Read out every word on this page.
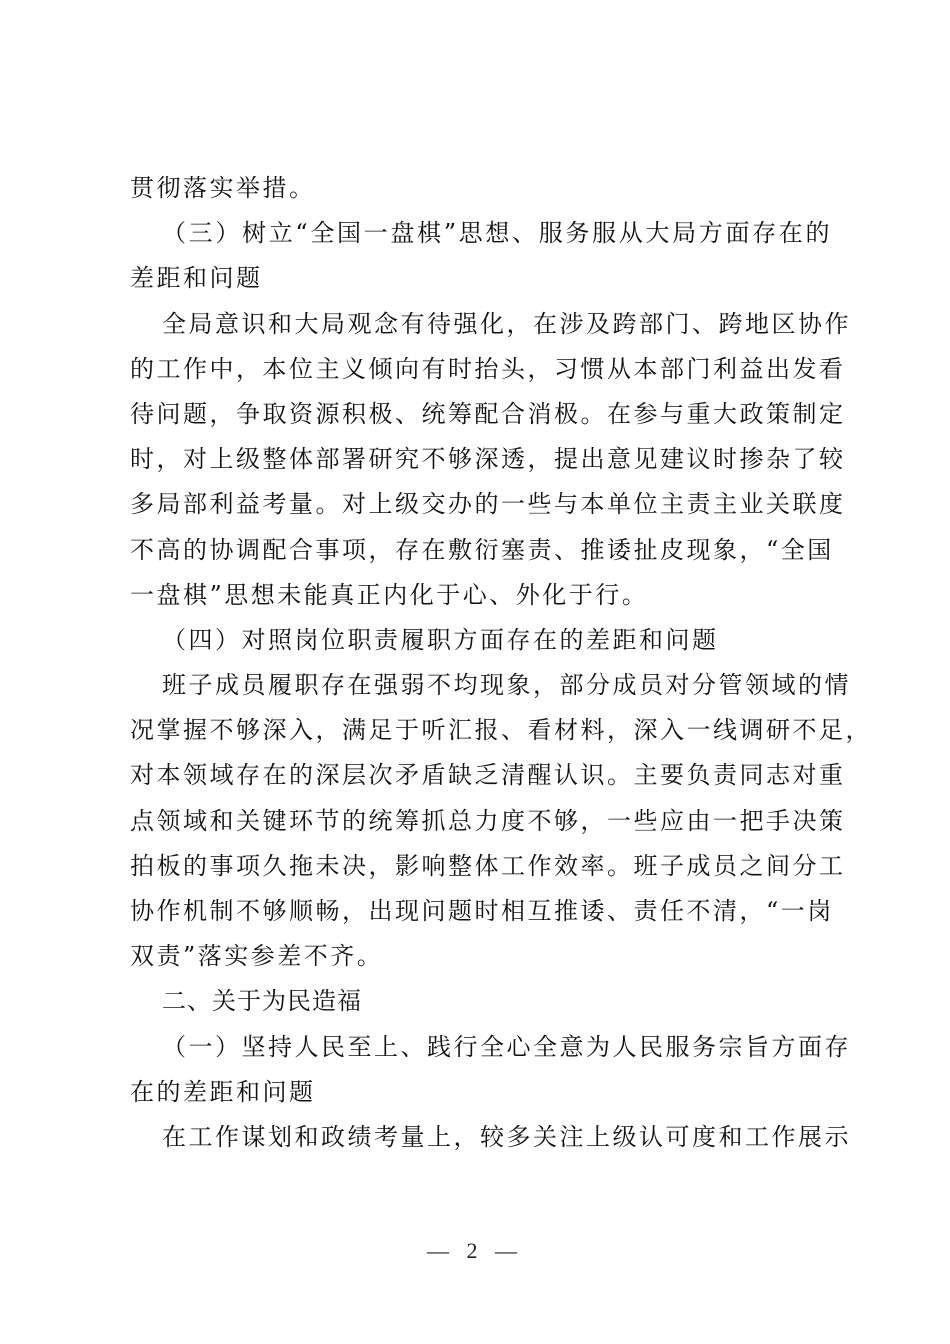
贯彻落实举措。
（三）树立“全国一盘棋”思想、服务服从大局方面存在的
差距和问题
全局意识和大局观念有待强化，在涉及跨部门、跨地区协作
的工作中，本位主义倾向有时抬头，习惯从本部门利益出发看
待问题，争取资源积极、统筹配合消极。在参与重大政策制定
时，对上级整体部署研究不够深透，提出意见建议时掺杂了较
多局部利益考量。对上级交办的一些与本单位主责主业关联度
不高的协调配合事项，存在敷衍塞责、推诿扯皮现象，“全国
一盘棋”思想未能真正内化于心、外化于行。
（四）对照岗位职责履职方面存在的差距和问题
班子成员履职存在强弱不均现象，部分成员对分管领域的情
况掌握不够深入，满足于听汇报、看材料，深入一线调研不足，
对本领域存在的深层次矛盾缺乏清醒认识。主要负责同志对重
点领域和关键环节的统筹抓总力度不够，一些应由一把手决策
拍板的事项久拖未决，影响整体工作效率。班子成员之间分工
协作机制不够顺畅，出现问题时相互推诿、责任不清，“一岗
双责”落实参差不齐。
二、关于为民造福
（一）坚持人民至上、践行全心全意为人民服务宗旨方面存
在的差距和问题
在工作谋划和政绩考量上，较多关注上级认可度和工作展示
— 2 —
